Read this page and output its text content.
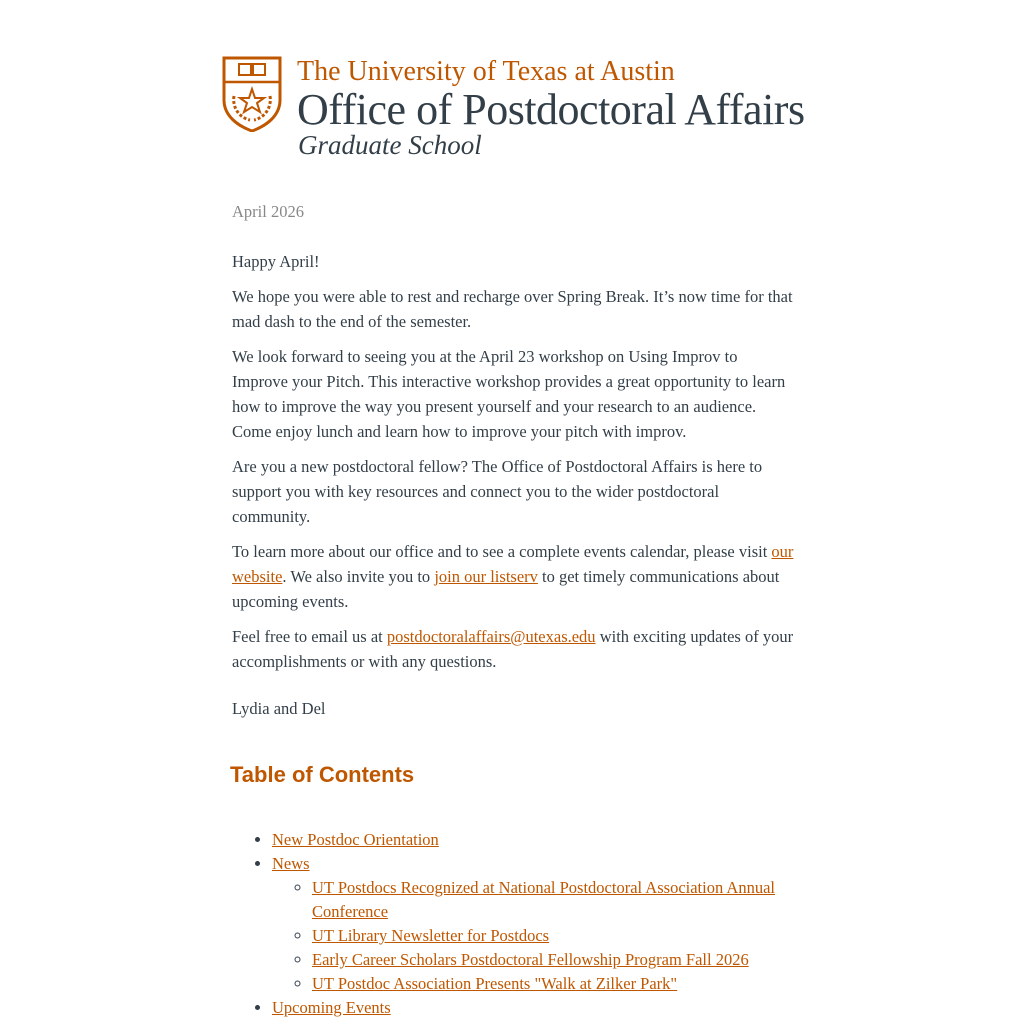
The University of Texas at Austin
Office of Postdoctoral Affairs
Graduate School

April 2026

Happy April!

We hope you were able to rest and recharge over Spring Break. It’s now time for that mad dash to the end of the semester.

We look forward to seeing you at the April 23 workshop on Using Improv to Improve your Pitch. This interactive workshop provides a great opportunity to learn how to improve the way you present yourself and your research to an audience. Come enjoy lunch and learn how to improve your pitch with improv.

Are you a new postdoctoral fellow? The Office of Postdoctoral Affairs is here to support you with key resources and connect you to the wider postdoctoral community.

To learn more about our office and to see a complete events calendar, please visit our website. We also invite you to join our listserv to get timely communications about upcoming events.

Feel free to email us at postdoctoralaffairs@utexas.edu with exciting updates of your accomplishments or with any questions.

Lydia and Del

Table of Contents
• New Postdoc Orientation
• News
◦ UT Postdocs Recognized at National Postdoctoral Association Annual Conference
◦ UT Library Newsletter for Postdocs
◦ Early Career Scholars Postdoctoral Fellowship Program Fall 2026
◦ UT Postdoc Association Presents "Walk at Zilker Park"
• Upcoming Events
